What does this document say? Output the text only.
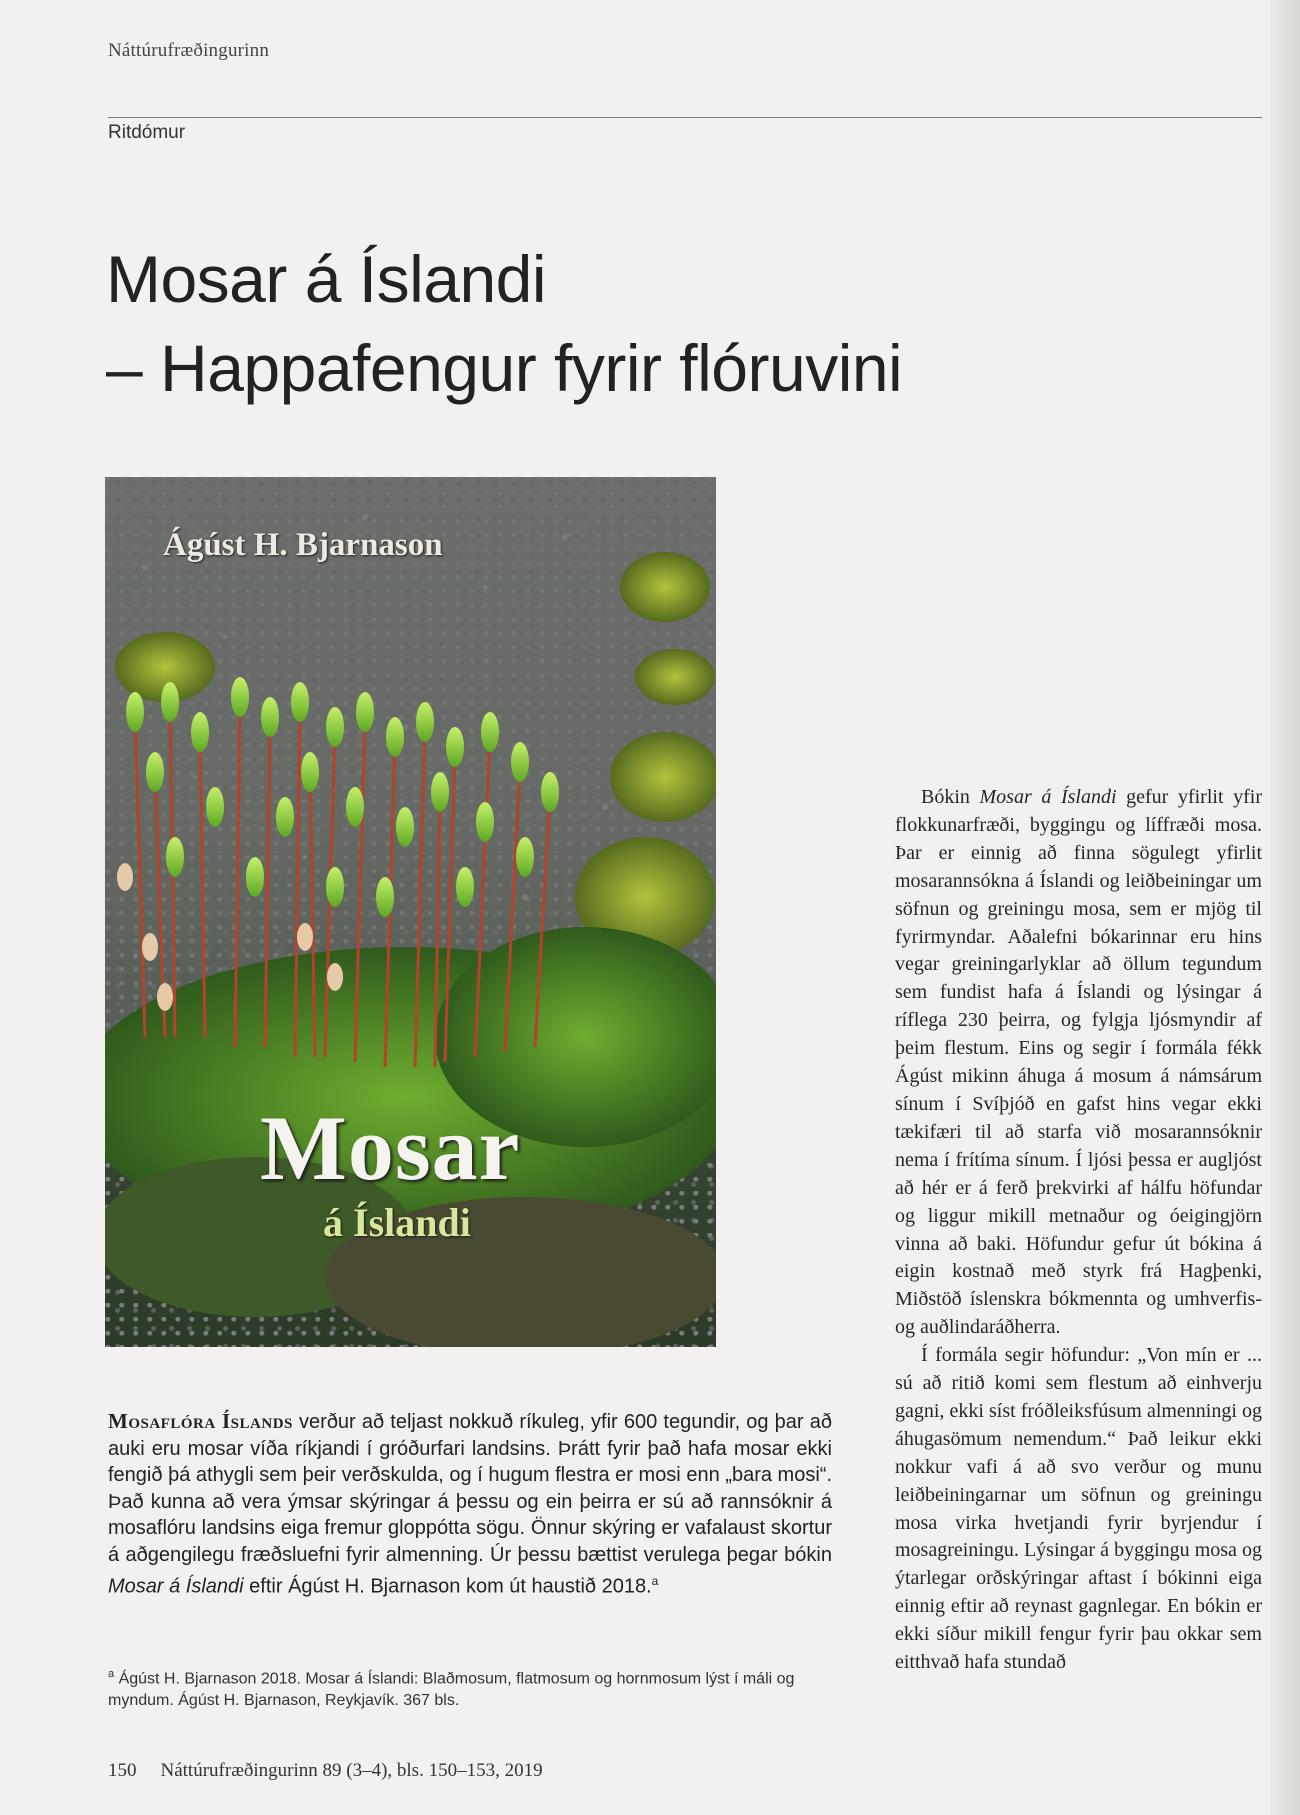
Náttúrufræðingurinn
Ritdómur
Mosar á Íslandi
– Happafengur fyrir flóruvini
Ágúst H. Bjarnason
Mosar
á Íslandi

Mosaflóra Íslands verður að teljast nokkuð ríkuleg, yfir 600 tegundir, og þar að auki eru mosar víða ríkjandi í gróðurfari landsins. Þrátt fyrir það hafa mosar ekki fengið þá athygli sem þeir verðskulda, og í hugum flestra er mosi enn „bara mosi“. Það kunna að vera ýmsar skýringar á þessu og ein þeirra er sú að rannsóknir á mosaflóru landsins eiga fremur gloppótta sögu. Önnur skýring er vafalaust skortur á aðgengilegu fræðsluefni fyrir almenning. Úr þessu bættist verulega þegar bókin Mosar á Íslandi eftir Ágúst H. Bjarnason kom út haustið 2018.$^a$

$^a$ Ágúst H. Bjarnason 2018. Mosar á Íslandi: Blaðmosum, flatmosum og hornmosum lýst í máli og myndum. Ágúst H. Bjarnason, Reykjavík. 367 bls.

Bókin Mosar á Íslandi gefur yfirlit yfir flokkunarfræði, byggingu og líffræði mosa. Þar er einnig að finna sögulegt yfirlit mosarannsókna á Íslandi og leiðbeiningar um söfnun og greiningu mosa, sem er mjög til fyrirmyndar. Aðalefni bókarinnar eru hins vegar greiningarlyklar að öllum tegundum sem fundist hafa á Íslandi og lýsingar á ríflega 230 þeirra, og fylgja ljósmyndir af þeim flestum. Eins og segir í formála fékk Ágúst mikinn áhuga á mosum á námsárum sínum í Svíþjóð en gafst hins vegar ekki tækifæri til að starfa við mosarannsóknir nema í frítíma sínum. Í ljósi þessa er augljóst að hér er á ferð þrekvirki af hálfu höfundar og liggur mikill metnaður og óeigingjörn vinna að baki. Höfundur gefur út bókina á eigin kostnað með styrk frá Hagþenki, Miðstöð íslenskra bókmennta og umhverfis- og auðlindaráðherra.

Í formála segir höfundur: „Von mín er ... sú að ritið komi sem flestum að einhverju gagni, ekki síst fróðleiksfúsum almenningi og áhugasömum nemendum.“ Það leikur ekki nokkur vafi á að svo verður og munu leiðbeiningarnar um söfnun og greiningu mosa virka hvetjandi fyrir byrjendur í mosagreiningu. Lýsingar á byggingu mosa og ýtarlegar orðskýringar aftast í bókinni eiga einnig eftir að reynast gagnlegar. En bókin er ekki síður mikill fengur fyrir þau okkar sem eitthvað hafa stundað

150 Náttúrufræðingurinn 89 (3–4), bls. 150–153, 2019
